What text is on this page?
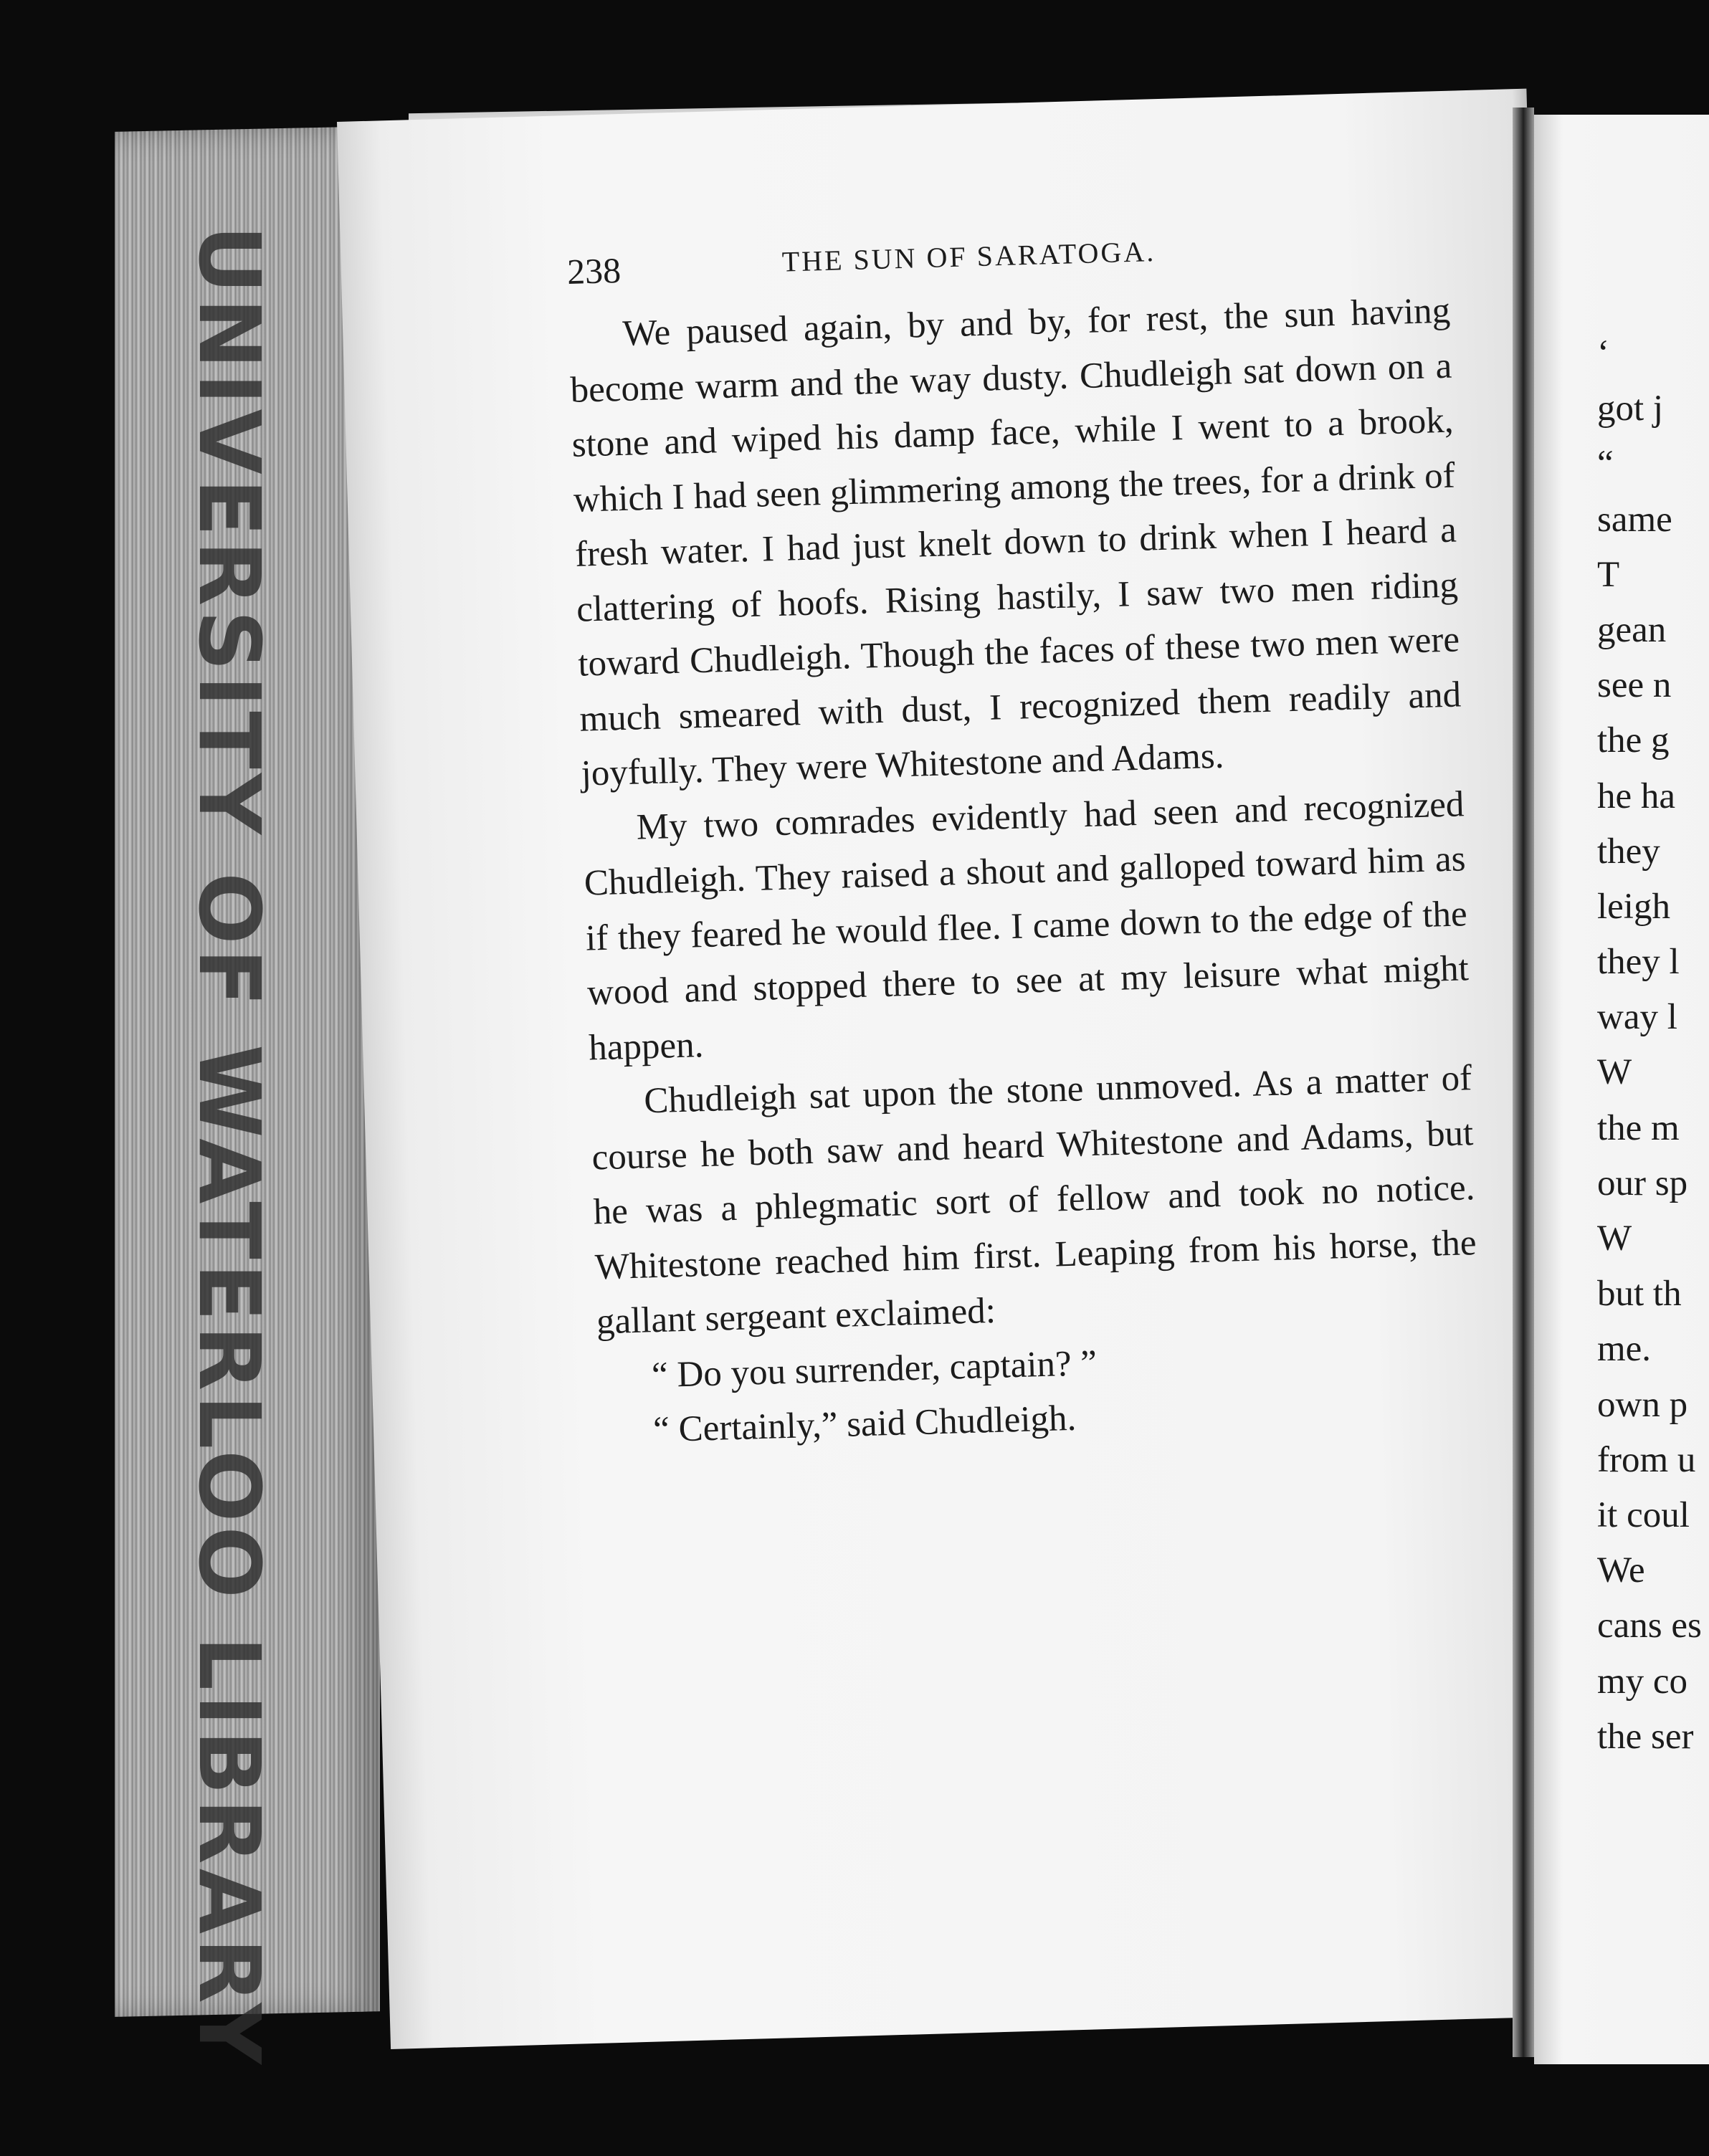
UNIVERSITY OF WATERLOO LIBRARY	238	THE SUN OF SARATOGA.

We paused again, by and by, for rest, the sun having become warm and the way dusty. Chudleigh sat down on a stone and wiped his damp face, while I went to a brook, which I had seen glimmering among the trees, for a drink of fresh water. I had just knelt down to drink when I heard a clattering of hoofs. Rising hastily, I saw two men riding toward Chudleigh. Though the faces of these two men were much smeared with dust, I recognized them readily and joyfully. They were Whitestone and Adams.

My two comrades evidently had seen and recognized Chudleigh. They raised a shout and galloped toward him as if they feared he would flee. I came down to the edge of the wood and stopped there to see at my leisure what might happen.

Chudleigh sat upon the stone unmoved. As a matter of course he both saw and heard Whitestone and Adams, but he was a phlegmatic sort of fellow and took no notice. Whitestone reached him first. Leaping from his horse, the gallant sergeant exclaimed:

“ Do you surrender, captain? ”

“ Certainly,” said Chudleigh.

‘
got j
“
same
T
gean
see n
the g
he ha
they
leigh
they l
way l
W
the m
our sp
W
but th
me.
own p
from u
it coul
We
cans es
my co
the ser
